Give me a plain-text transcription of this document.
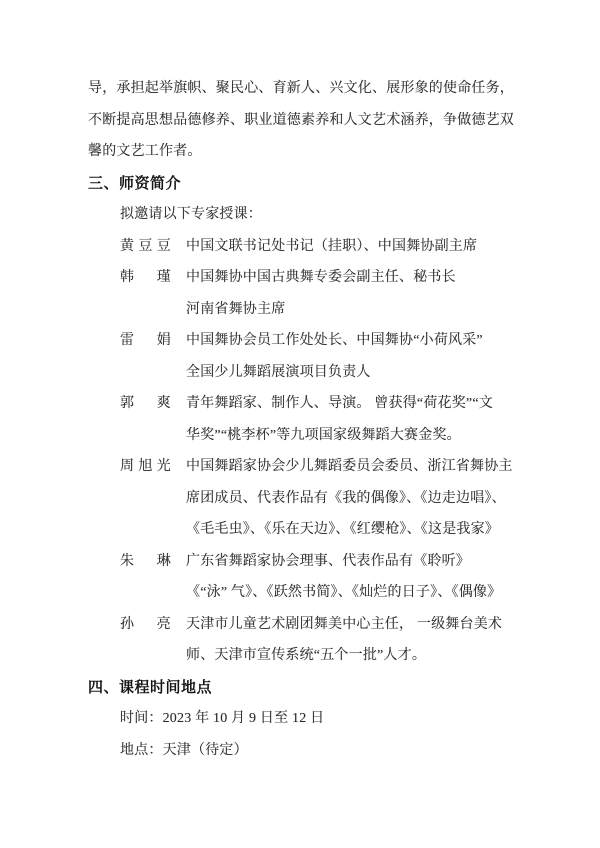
导，承担起举旗帜、聚民心、育新人、兴文化、展形象的使命任务，
不断提高思想品德修养、职业道德素养和人文艺术涵养，争做德艺双
馨的文艺工作者。
三、师资简介
拟邀请以下专家授课：
黄豆豆 中国文联书记处书记（挂职）、中国舞协副主席
韩　瑾 中国舞协中国古典舞专委会副主任、秘书长
河南省舞协主席
雷　娟 中国舞协会员工作处处长、中国舞协“小荷风采”
全国少儿舞蹈展演项目负责人
郭　爽 青年舞蹈家、制作人、导演。 曾获得“荷花奖”“文
华奖”“桃李杯”等九项国家级舞蹈大赛金奖。
周旭光 中国舞蹈家协会少儿舞蹈委员会委员、浙江省舞协主
席团成员、代表作品有《我的偶像》、《边走边唱》、
《毛毛虫》、《乐在天边》、《红缨枪》、《这是我家》
朱　琳 广东省舞蹈家协会理事、代表作品有《聆听》
《“泳” 气》、《跃然书简》、《灿烂的日子》、《偶像》
孙　亮 天津市儿童艺术剧团舞美中心主任， 一级舞台美术
师、天津市宣传系统“五个一批”人才。
四、课程时间地点
时间：2023 年 10 月 9 日至 12 日
地点：天津（待定）
